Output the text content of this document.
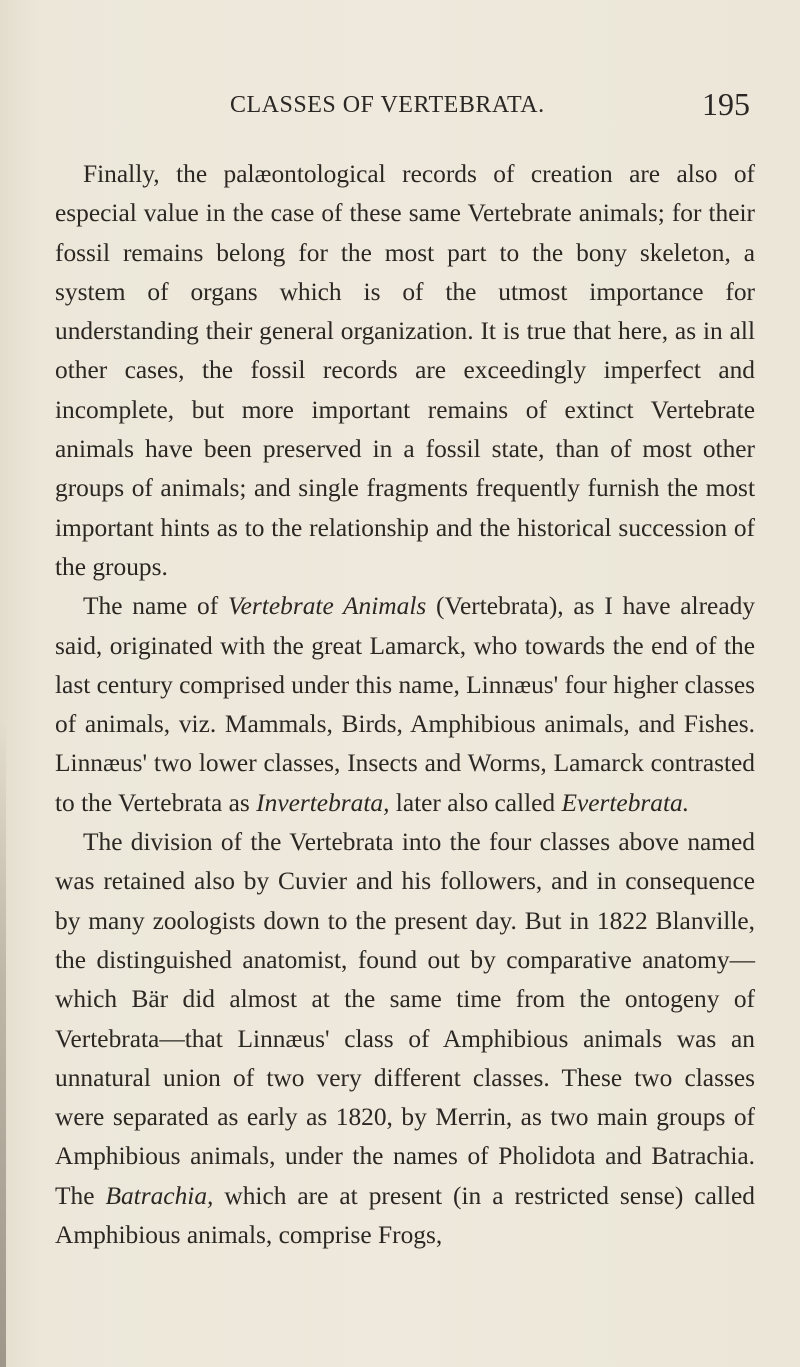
CLASSES OF VERTEBRATA.	195

Finally, the palæontological records of creation are also of especial value in the case of these same Vertebrate animals; for their fossil remains belong for the most part to the bony skeleton, a system of organs which is of the utmost importance for understanding their general organization. It is true that here, as in all other cases, the fossil records are exceedingly imperfect and incomplete, but more important remains of extinct Vertebrate animals have been preserved in a fossil state, than of most other groups of animals; and single fragments frequently furnish the most important hints as to the relationship and the historical succession of the groups.

The name of Vertebrate Animals (Vertebrata), as I have already said, originated with the great Lamarck, who towards the end of the last century comprised under this name, Linnæus' four higher classes of animals, viz. Mammals, Birds, Amphibious animals, and Fishes. Linnæus' two lower classes, Insects and Worms, Lamarck contrasted to the Vertebrata as Invertebrata, later also called Evertebrata.

The division of the Vertebrata into the four classes above named was retained also by Cuvier and his followers, and in consequence by many zoologists down to the present day. But in 1822 Blanville, the distinguished anatomist, found out by comparative anatomy—which Bär did almost at the same time from the ontogeny of Vertebrata—that Linnæus' class of Amphibious animals was an unnatural union of two very different classes. These two classes were separated as early as 1820, by Merrin, as two main groups of Amphibious animals, under the names of Pholidota and Batrachia. The Batrachia, which are at present (in a restricted sense) called Amphibious animals, comprise Frogs,
